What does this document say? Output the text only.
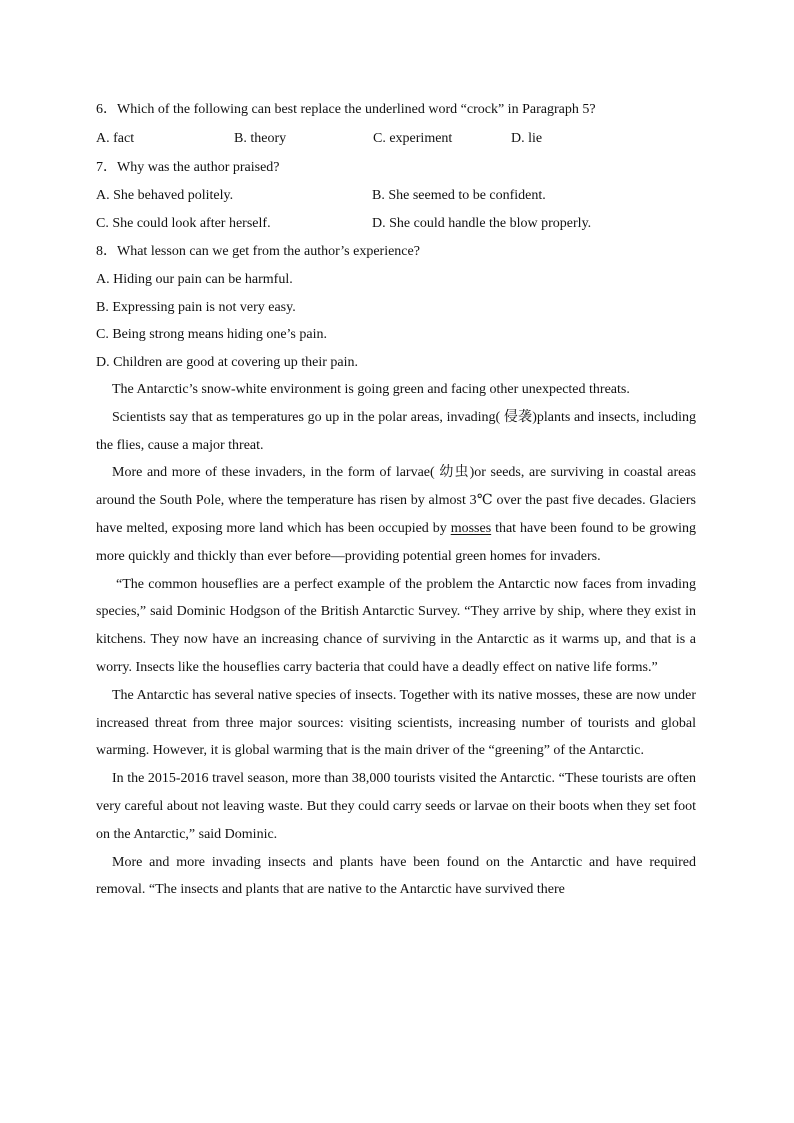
6．Which of the following can best replace the underlined word “crock” in Paragraph 5?
A. fact	B. theory	C. experiment	D. lie
7．Why was the author praised?
A. She behaved politely.	B. She seemed to be confident.
C. She could look after herself.	D. She could handle the blow properly.
8．What lesson can we get from the author’s experience?
A. Hiding our pain can be harmful.
B. Expressing pain is not very easy.
C. Being strong means hiding one’s pain.
D. Children are good at covering up their pain.

The Antarctic’s snow-white environment is going green and facing other unexpected threats.

Scientists say that as temperatures go up in the polar areas, invading( 侵袭)plants and insects, including the flies, cause a major threat.

More and more of these invaders, in the form of larvae( 幼虫)or seeds, are surviving in coastal areas around the South Pole, where the temperature has risen by almost 3℃ over the past five decades. Glaciers have melted, exposing more land which has been occupied by mosses that have been found to be growing more quickly and thickly than ever before—providing potential green homes for invaders.

“The common houseflies are a perfect example of the problem the Antarctic now faces from invading species,” said Dominic Hodgson of the British Antarctic Survey. “They arrive by ship, where they exist in kitchens. They now have an increasing chance of surviving in the Antarctic as it warms up, and that is a worry. Insects like the houseflies carry bacteria that could have a deadly effect on native life forms.”

The Antarctic has several native species of insects. Together with its native mosses, these are now under increased threat from three major sources: visiting scientists, increasing number of tourists and global warming. However, it is global warming that is the main driver of the “greening” of the Antarctic.

In the 2015-2016 travel season, more than 38,000 tourists visited the Antarctic. “These tourists are often very careful about not leaving waste. But they could carry seeds or larvae on their boots when they set foot on the Antarctic,” said Dominic.

More and more invading insects and plants have been found on the Antarctic and have required removal. “The insects and plants that are native to the Antarctic have survived there
